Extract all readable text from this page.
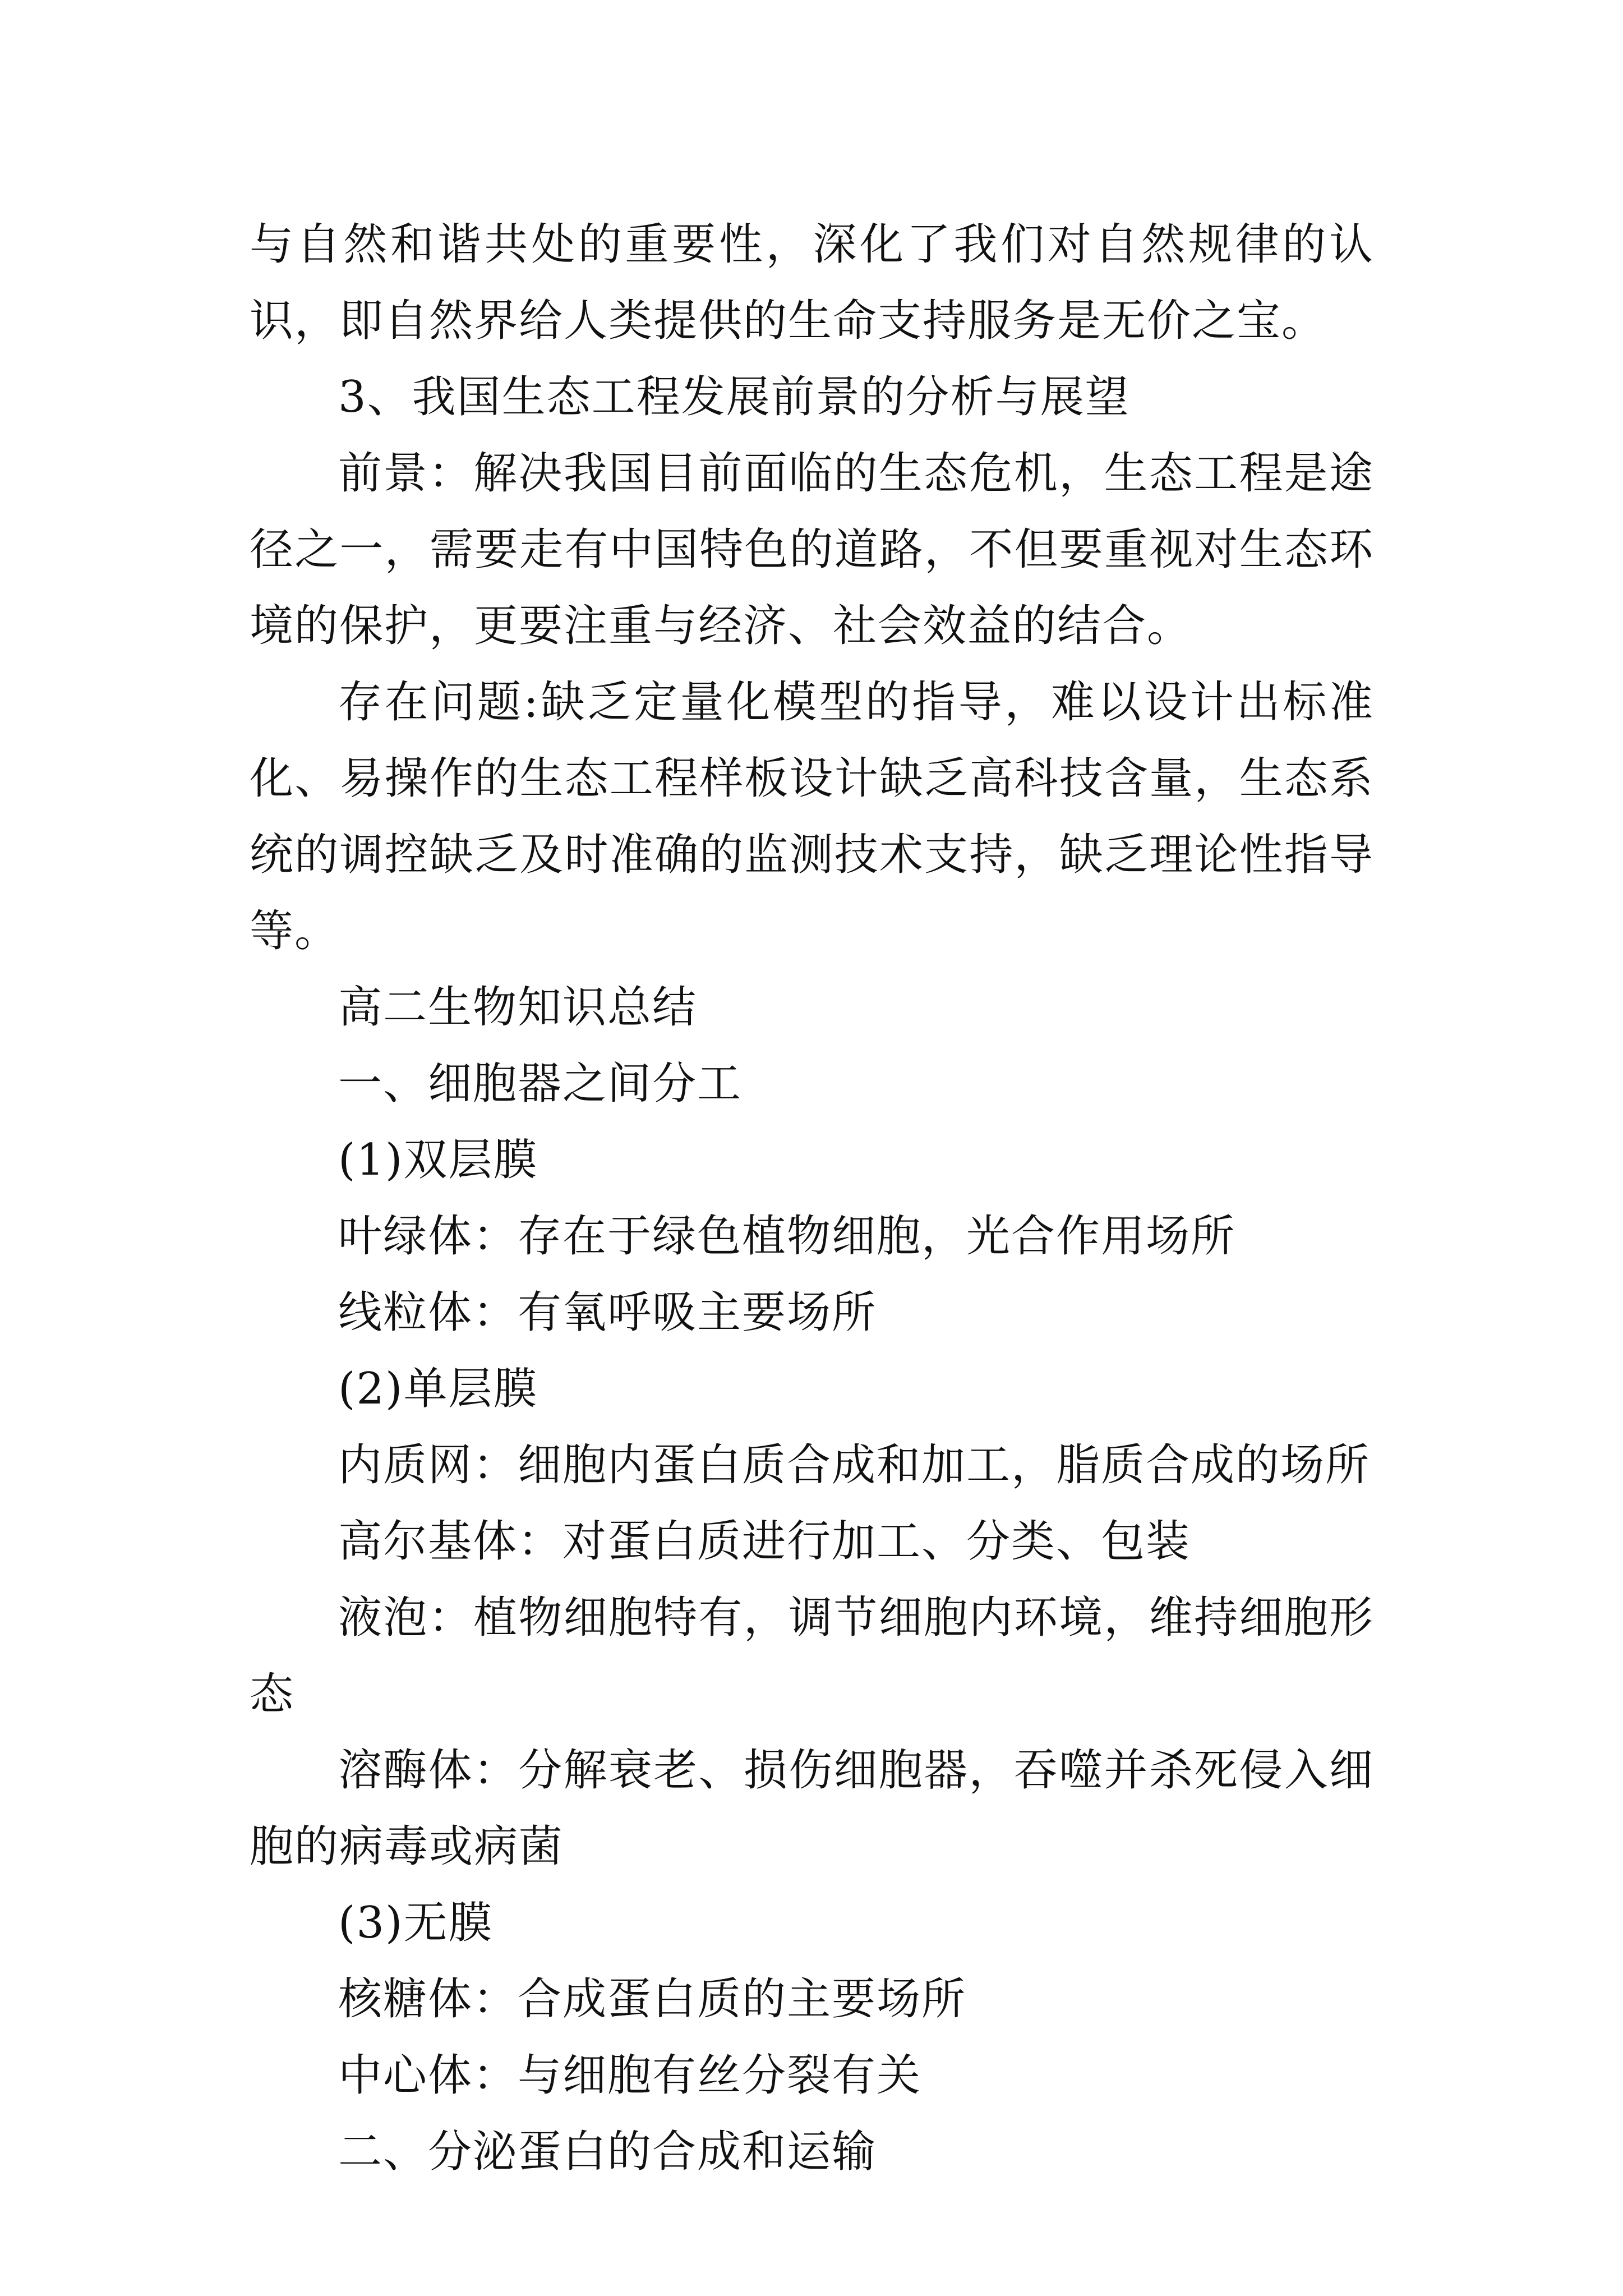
与自然和谐共处的重要性，深化了我们对自然规律的认识，即自然界给人类提供的生命支持服务是无价之宝。

3、我国生态工程发展前景的分析与展望

前景：解决我国目前面临的生态危机，生态工程是途径之一，需要走有中国特色的道路，不但要重视对生态环境的保护，更要注重与经济、社会效益的结合。

存在问题:缺乏定量化模型的指导，难以设计出标准化、易操作的生态工程样板设计缺乏高科技含量，生态系统的调控缺乏及时准确的监测技术支持，缺乏理论性指导等。

高二生物知识总结

一、细胞器之间分工

(1)双层膜

叶绿体：存在于绿色植物细胞，光合作用场所

线粒体：有氧呼吸主要场所

(2)单层膜

内质网：细胞内蛋白质合成和加工，脂质合成的场所

高尔基体：对蛋白质进行加工、分类、包装

液泡：植物细胞特有，调节细胞内环境，维持细胞形态

溶酶体：分解衰老、损伤细胞器，吞噬并杀死侵入细胞的病毒或病菌

(3)无膜

核糖体：合成蛋白质的主要场所

中心体：与细胞有丝分裂有关

二、分泌蛋白的合成和运输
